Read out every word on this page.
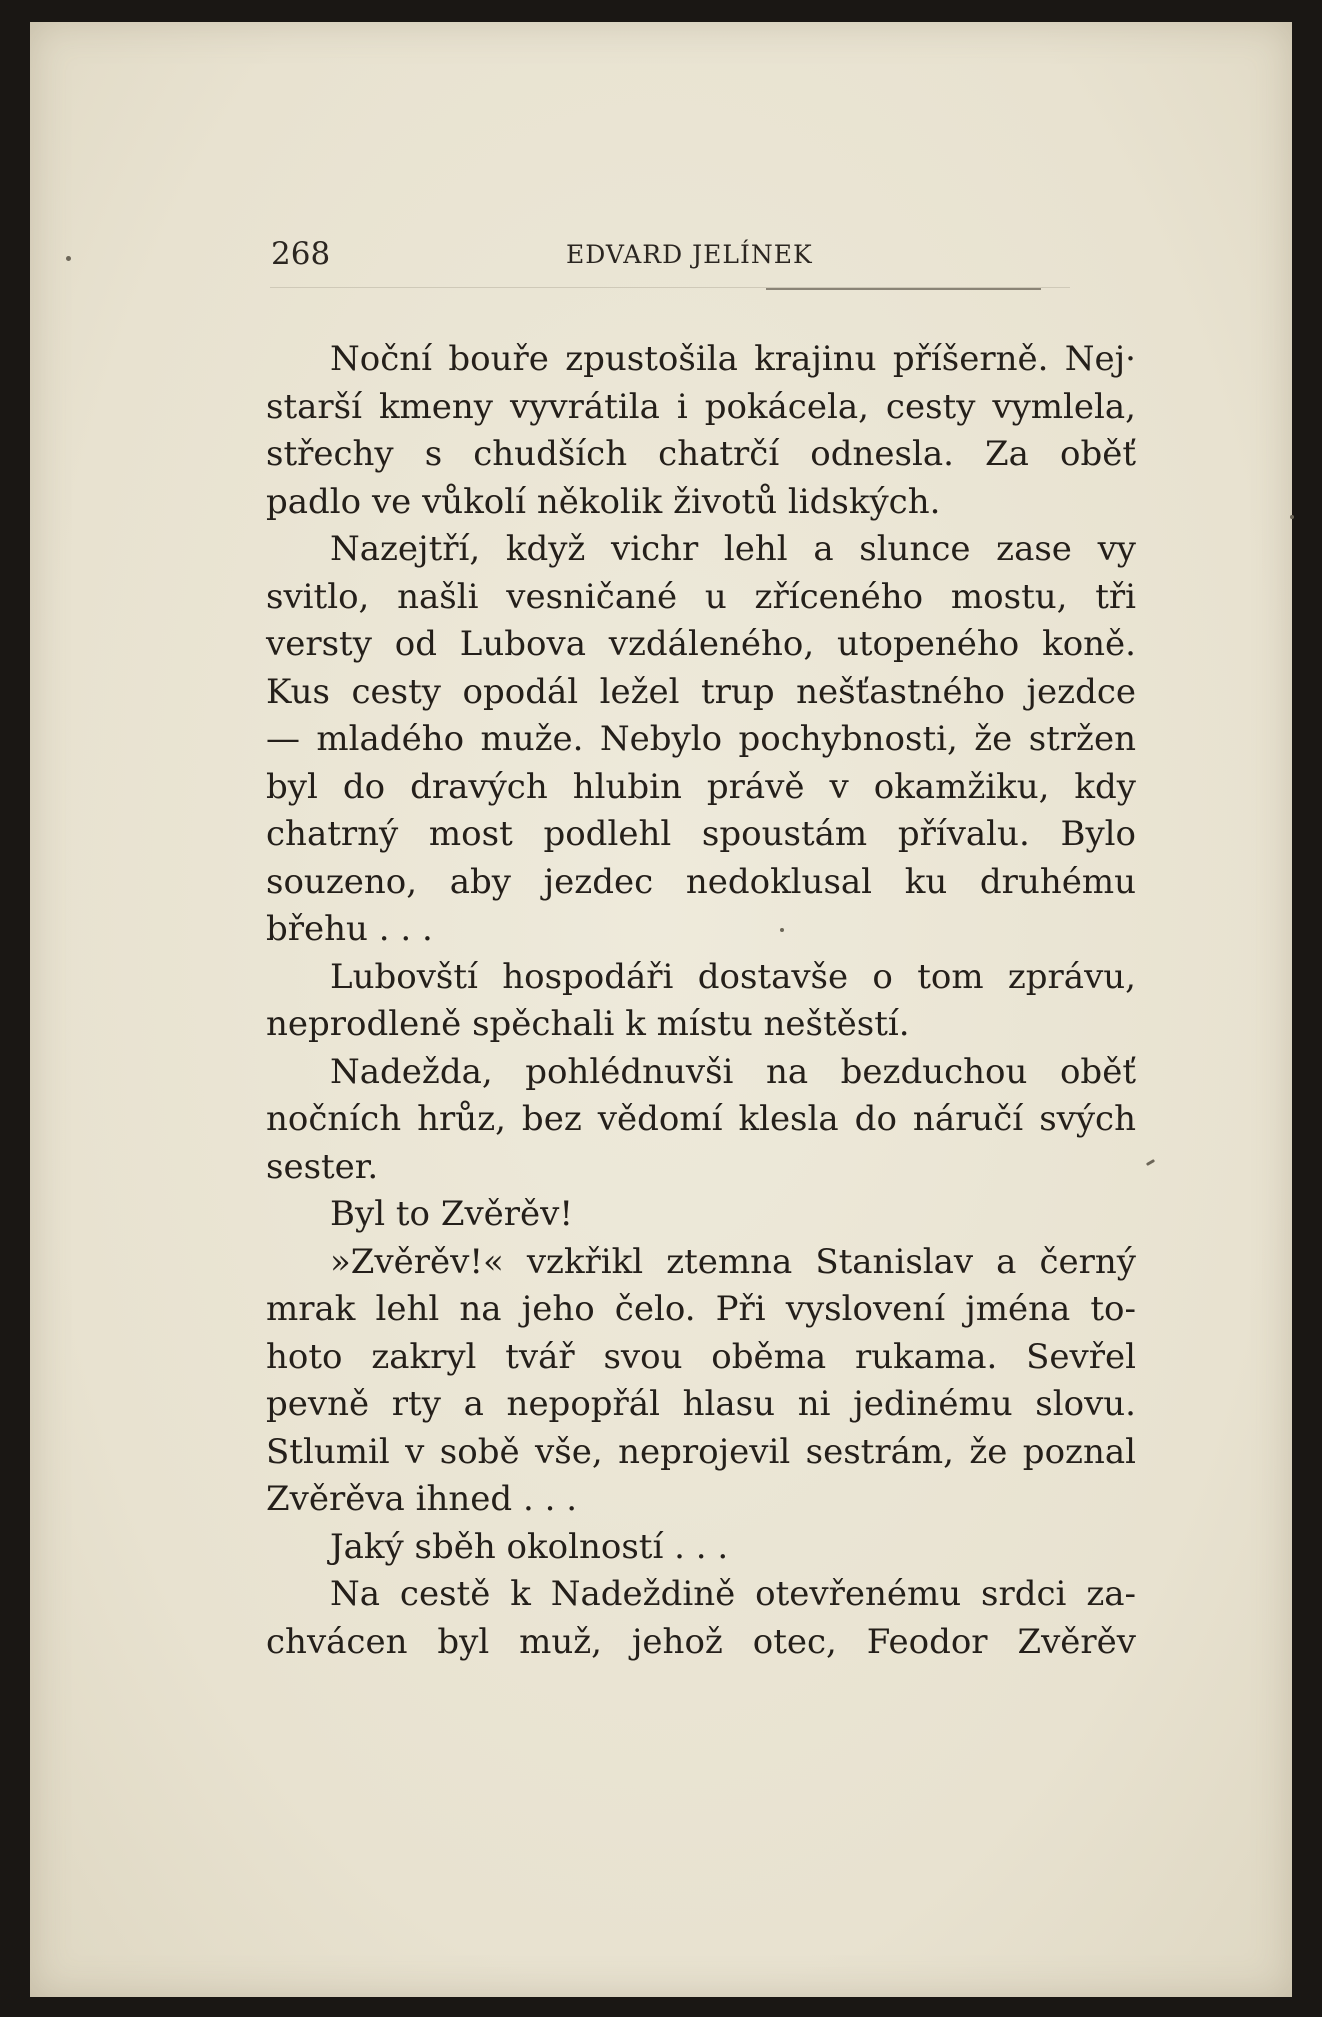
268	EDVARD JELÍNEK

Noční bouře zpustošila krajinu příšerně. Nej·

starší kmeny vyvrátila i pokácela, cesty vymlela,

střechy s chudších chatrčí odnesla. Za oběť

padlo ve vůkolí několik životů lidských.

Nazejtří, když vichr lehl a slunce zase vy

svitlo, našli vesničané u zříceného mostu, tři

versty od Lubova vzdáleného, utopeného koně.

Kus cesty opodál ležel trup nešťastného jezdce

— mladého muže. Nebylo pochybnosti, že stržen

byl do dravých hlubin právě v okamžiku, kdy

chatrný most podlehl spoustám přívalu. Bylo

souzeno, aby jezdec nedoklusal ku druhému

břehu . . .

Lubovští hospodáři dostavše o tom zprávu,

neprodleně spěchali k místu neštěstí.

Nadežda, pohlédnuvši na bezduchou oběť

nočních hrůz, bez vědomí klesla do náručí svých

sester.

Byl to Zvěrěv!

»Zvěrěv!« vzkřikl ztemna Stanislav a černý

mrak lehl na jeho čelo. Při vyslovení jména to-

hoto zakryl tvář svou oběma rukama. Sevřel

pevně rty a nepopřál hlasu ni jedinému slovu.

Stlumil v sobě vše, neprojevil sestrám, že poznal

Zvěrěva ihned . . .

Jaký sběh okolností . . .

Na cestě k Nadeždině otevřenému srdci za-

chvácen byl muž, jehož otec, Feodor Zvěrěv
